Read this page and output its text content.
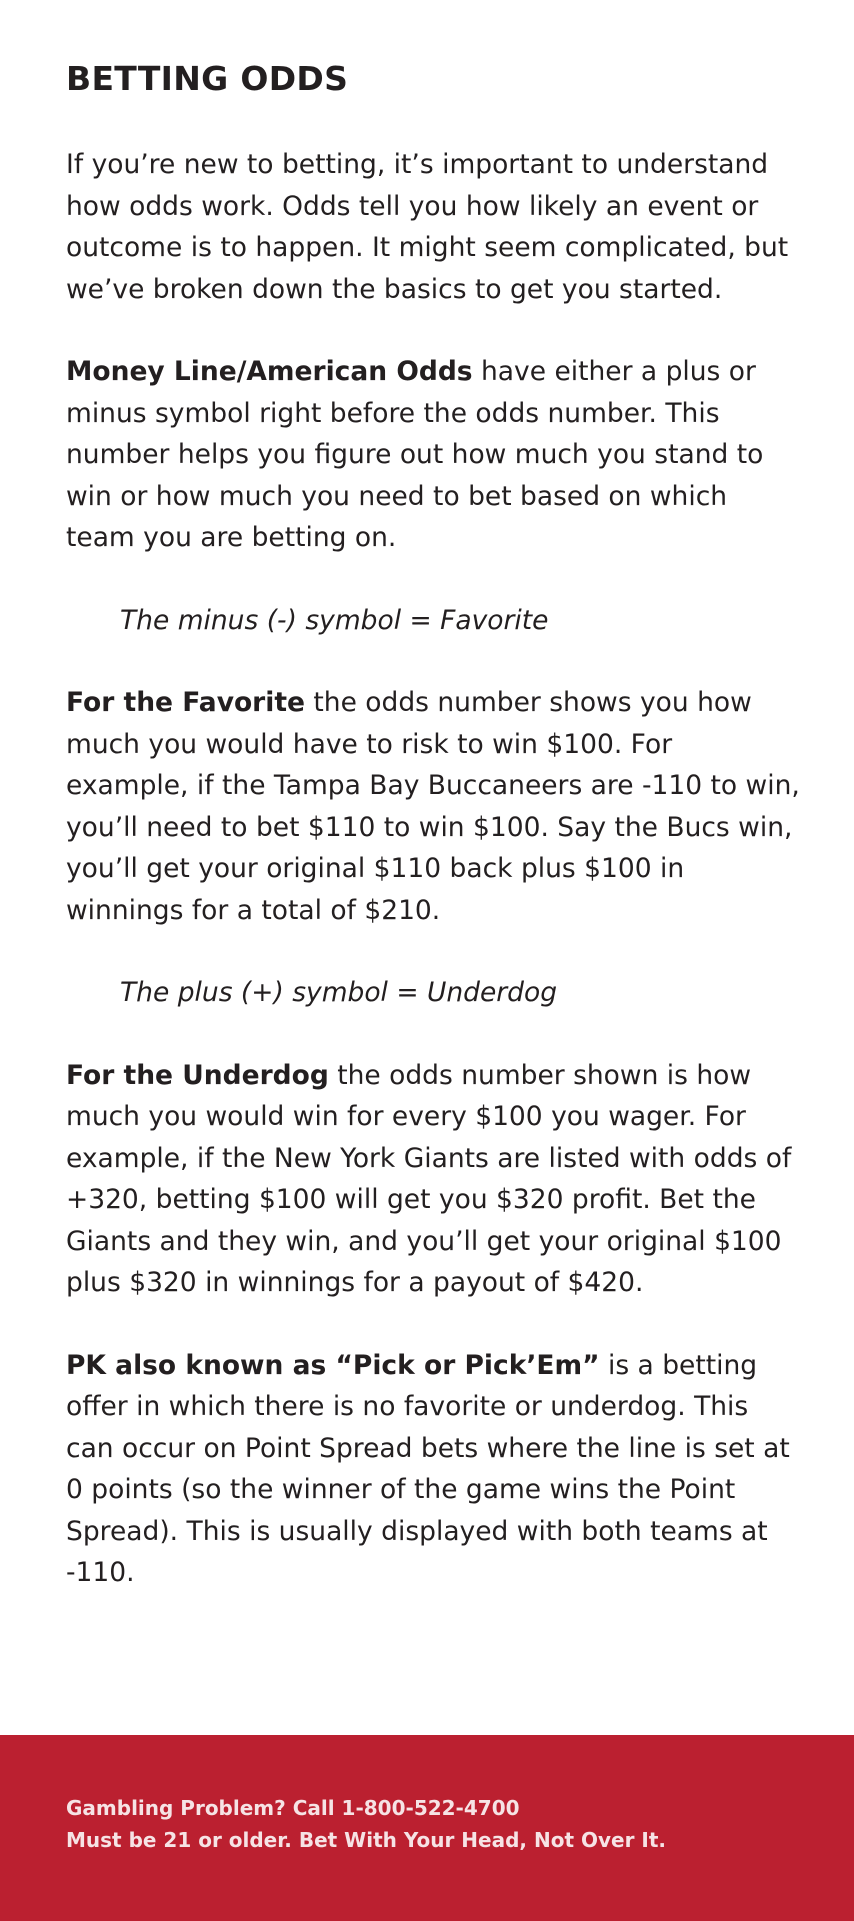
BETTING ODDS

If you’re new to betting, it’s important to understand how odds work. Odds tell you how likely an event or outcome is to happen. It might seem complicated, but we’ve broken down the basics to get you started.

Money Line/American Odds have either a plus or minus symbol right before the odds number. This number helps you figure out how much you stand to win or how much you need to bet based on which team you are betting on.

The minus (-) symbol = Favorite

For the Favorite the odds number shows you how much you would have to risk to win $100. For example, if the Tampa Bay Buccaneers are -110 to win, you’ll need to bet $110 to win $100. Say the Bucs win, you’ll get your original $110 back plus $100 in winnings for a total of $210.

The plus (+) symbol = Underdog

For the Underdog the odds number shown is how much you would win for every $100 you wager. For example, if the New York Giants are listed with odds of +320, betting $100 will get you $320 profit. Bet the Giants and they win, and you’ll get your original $100 plus $320 in winnings for a payout of $420.

PK also known as “Pick or Pick’Em” is a betting offer in which there is no favorite or underdog. This can occur on Point Spread bets where the line is set at 0 points (so the winner of the game wins the Point Spread). This is usually displayed with both teams at -110.

Gambling Problem? Call 1-800-522-4700
Must be 21 or older. Bet With Your Head, Not Over It.
